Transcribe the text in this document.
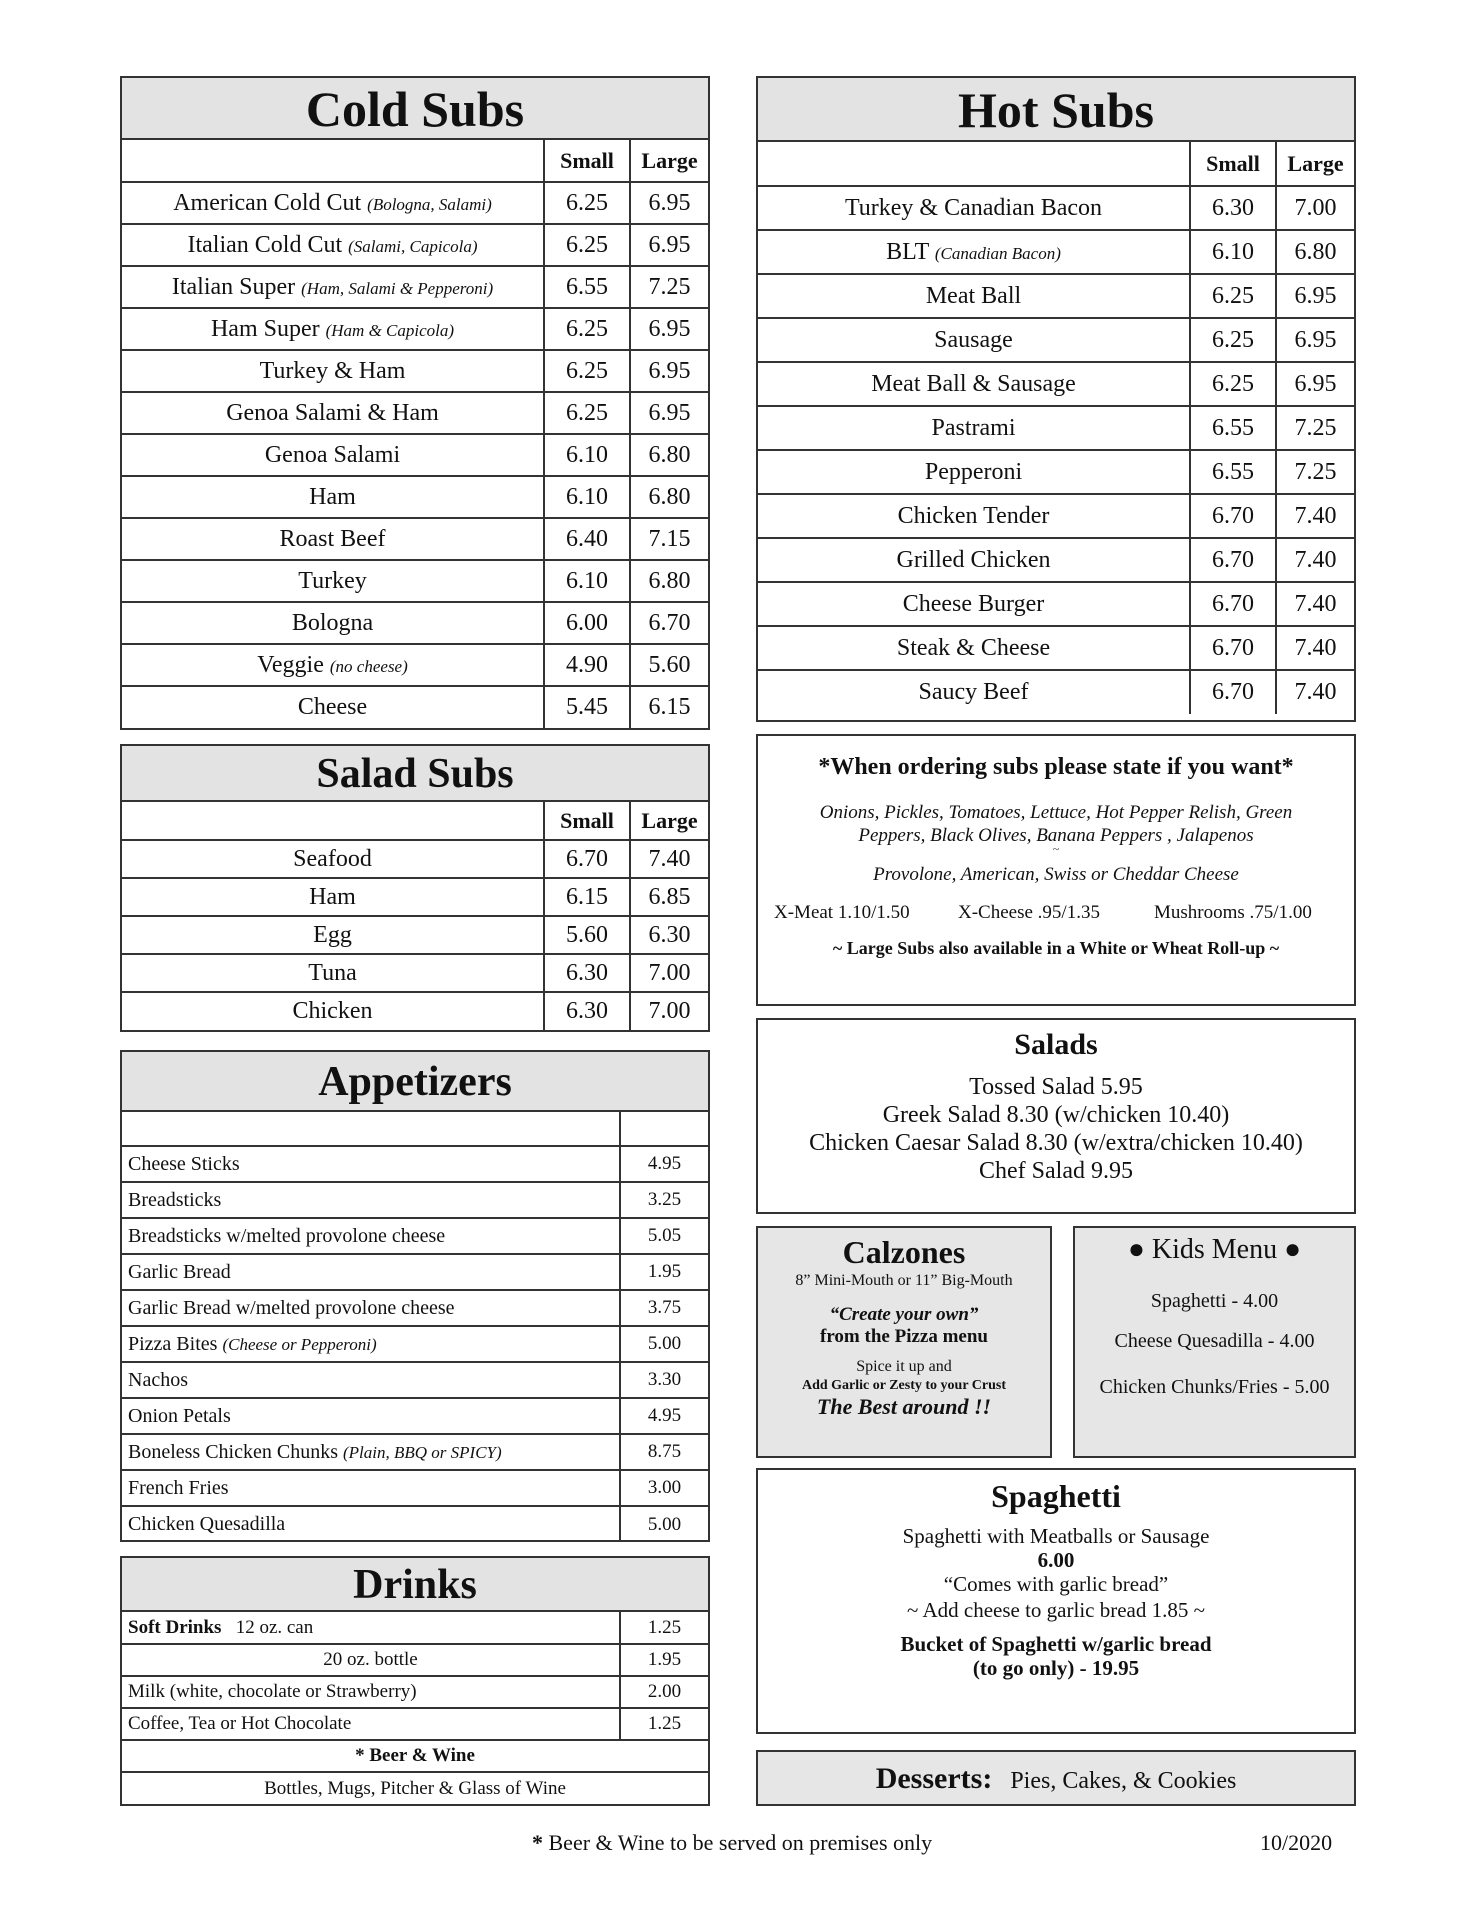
Cold Subs
	Small	Large
American Cold Cut (Bologna, Salami)	6.25	6.95
Italian Cold Cut (Salami, Capicola)	6.25	6.95
Italian Super (Ham, Salami & Pepperoni)	6.55	7.25
Ham Super (Ham & Capicola)	6.25	6.95
Turkey & Ham	6.25	6.95
Genoa Salami & Ham	6.25	6.95
Genoa Salami	6.10	6.80
Ham	6.10	6.80
Roast Beef	6.40	7.15
Turkey	6.10	6.80
Bologna	6.00	6.70
Veggie (no cheese)	4.90	5.60
Cheese	5.45	6.15
Hot Subs
	Small	Large
Turkey & Canadian Bacon	6.30	7.00
BLT (Canadian Bacon)	6.10	6.80
Meat Ball	6.25	6.95
Sausage	6.25	6.95
Meat Ball & Sausage	6.25	6.95
Pastrami	6.55	7.25
Pepperoni	6.55	7.25
Chicken Tender	6.70	7.40
Grilled Chicken	6.70	7.40
Cheese Burger	6.70	7.40
Steak & Cheese	6.70	7.40
Saucy Beef	6.70	7.40
Salad Subs
	Small	Large
Seafood	6.70	7.40
Ham	6.15	6.85
Egg	5.60	6.30
Tuna	6.30	7.00
Chicken	6.30	7.00
Appetizers

Cheese Sticks	4.95
Breadsticks	3.25
Breadsticks w/melted provolone cheese	5.05
Garlic Bread	1.95
Garlic Bread w/melted provolone cheese	3.75
Pizza Bites (Cheese or Pepperoni)	5.00
Nachos	3.30
Onion Petals	4.95
Boneless Chicken Chunks (Plain, BBQ or SPICY)	8.75
French Fries	3.00
Chicken Quesadilla	5.00
Drinks
Soft Drinks 12 oz. can	1.25
20 oz. bottle	1.95
Milk (white, chocolate or Strawberry)	2.00
Coffee, Tea or Hot Chocolate	1.25
* Beer & Wine	
Bottles, Mugs, Pitcher & Glass of Wine	
*When ordering subs please state if you want*
Onions, Pickles, Tomatoes, Lettuce, Hot Pepper Relish, Green
Peppers, Black Olives, Banana Peppers , Jalapenos
~
Provolone, American, Swiss or Cheddar Cheese
X-Meat 1.10/1.50	X-Cheese .95/1.35	Mushrooms .75/1.00
~ Large Subs also available in a White or Wheat Roll-up ~
Salads
Tossed Salad 5.95
Greek Salad 8.30 (w/chicken 10.40)
Chicken Caesar Salad 8.30 (w/extra/chicken 10.40)
Chef Salad 9.95
Calzones
8” Mini-Mouth or 11” Big-Mouth
“Create your own”
from the Pizza menu
Spice it up and
Add Garlic or Zesty to your Crust
The Best around !!
● Kids Menu ●
Spaghetti - 4.00
Cheese Quesadilla - 4.00
Chicken Chunks/Fries - 5.00
Spaghetti
Spaghetti with Meatballs or Sausage
6.00
“Comes with garlic bread”
~ Add cheese to garlic bread 1.85 ~
Bucket of Spaghetti w/garlic bread
(to go only) - 19.95
Desserts: Pies, Cakes, & Cookies
* Beer & Wine to be served on premises only	10/2020
